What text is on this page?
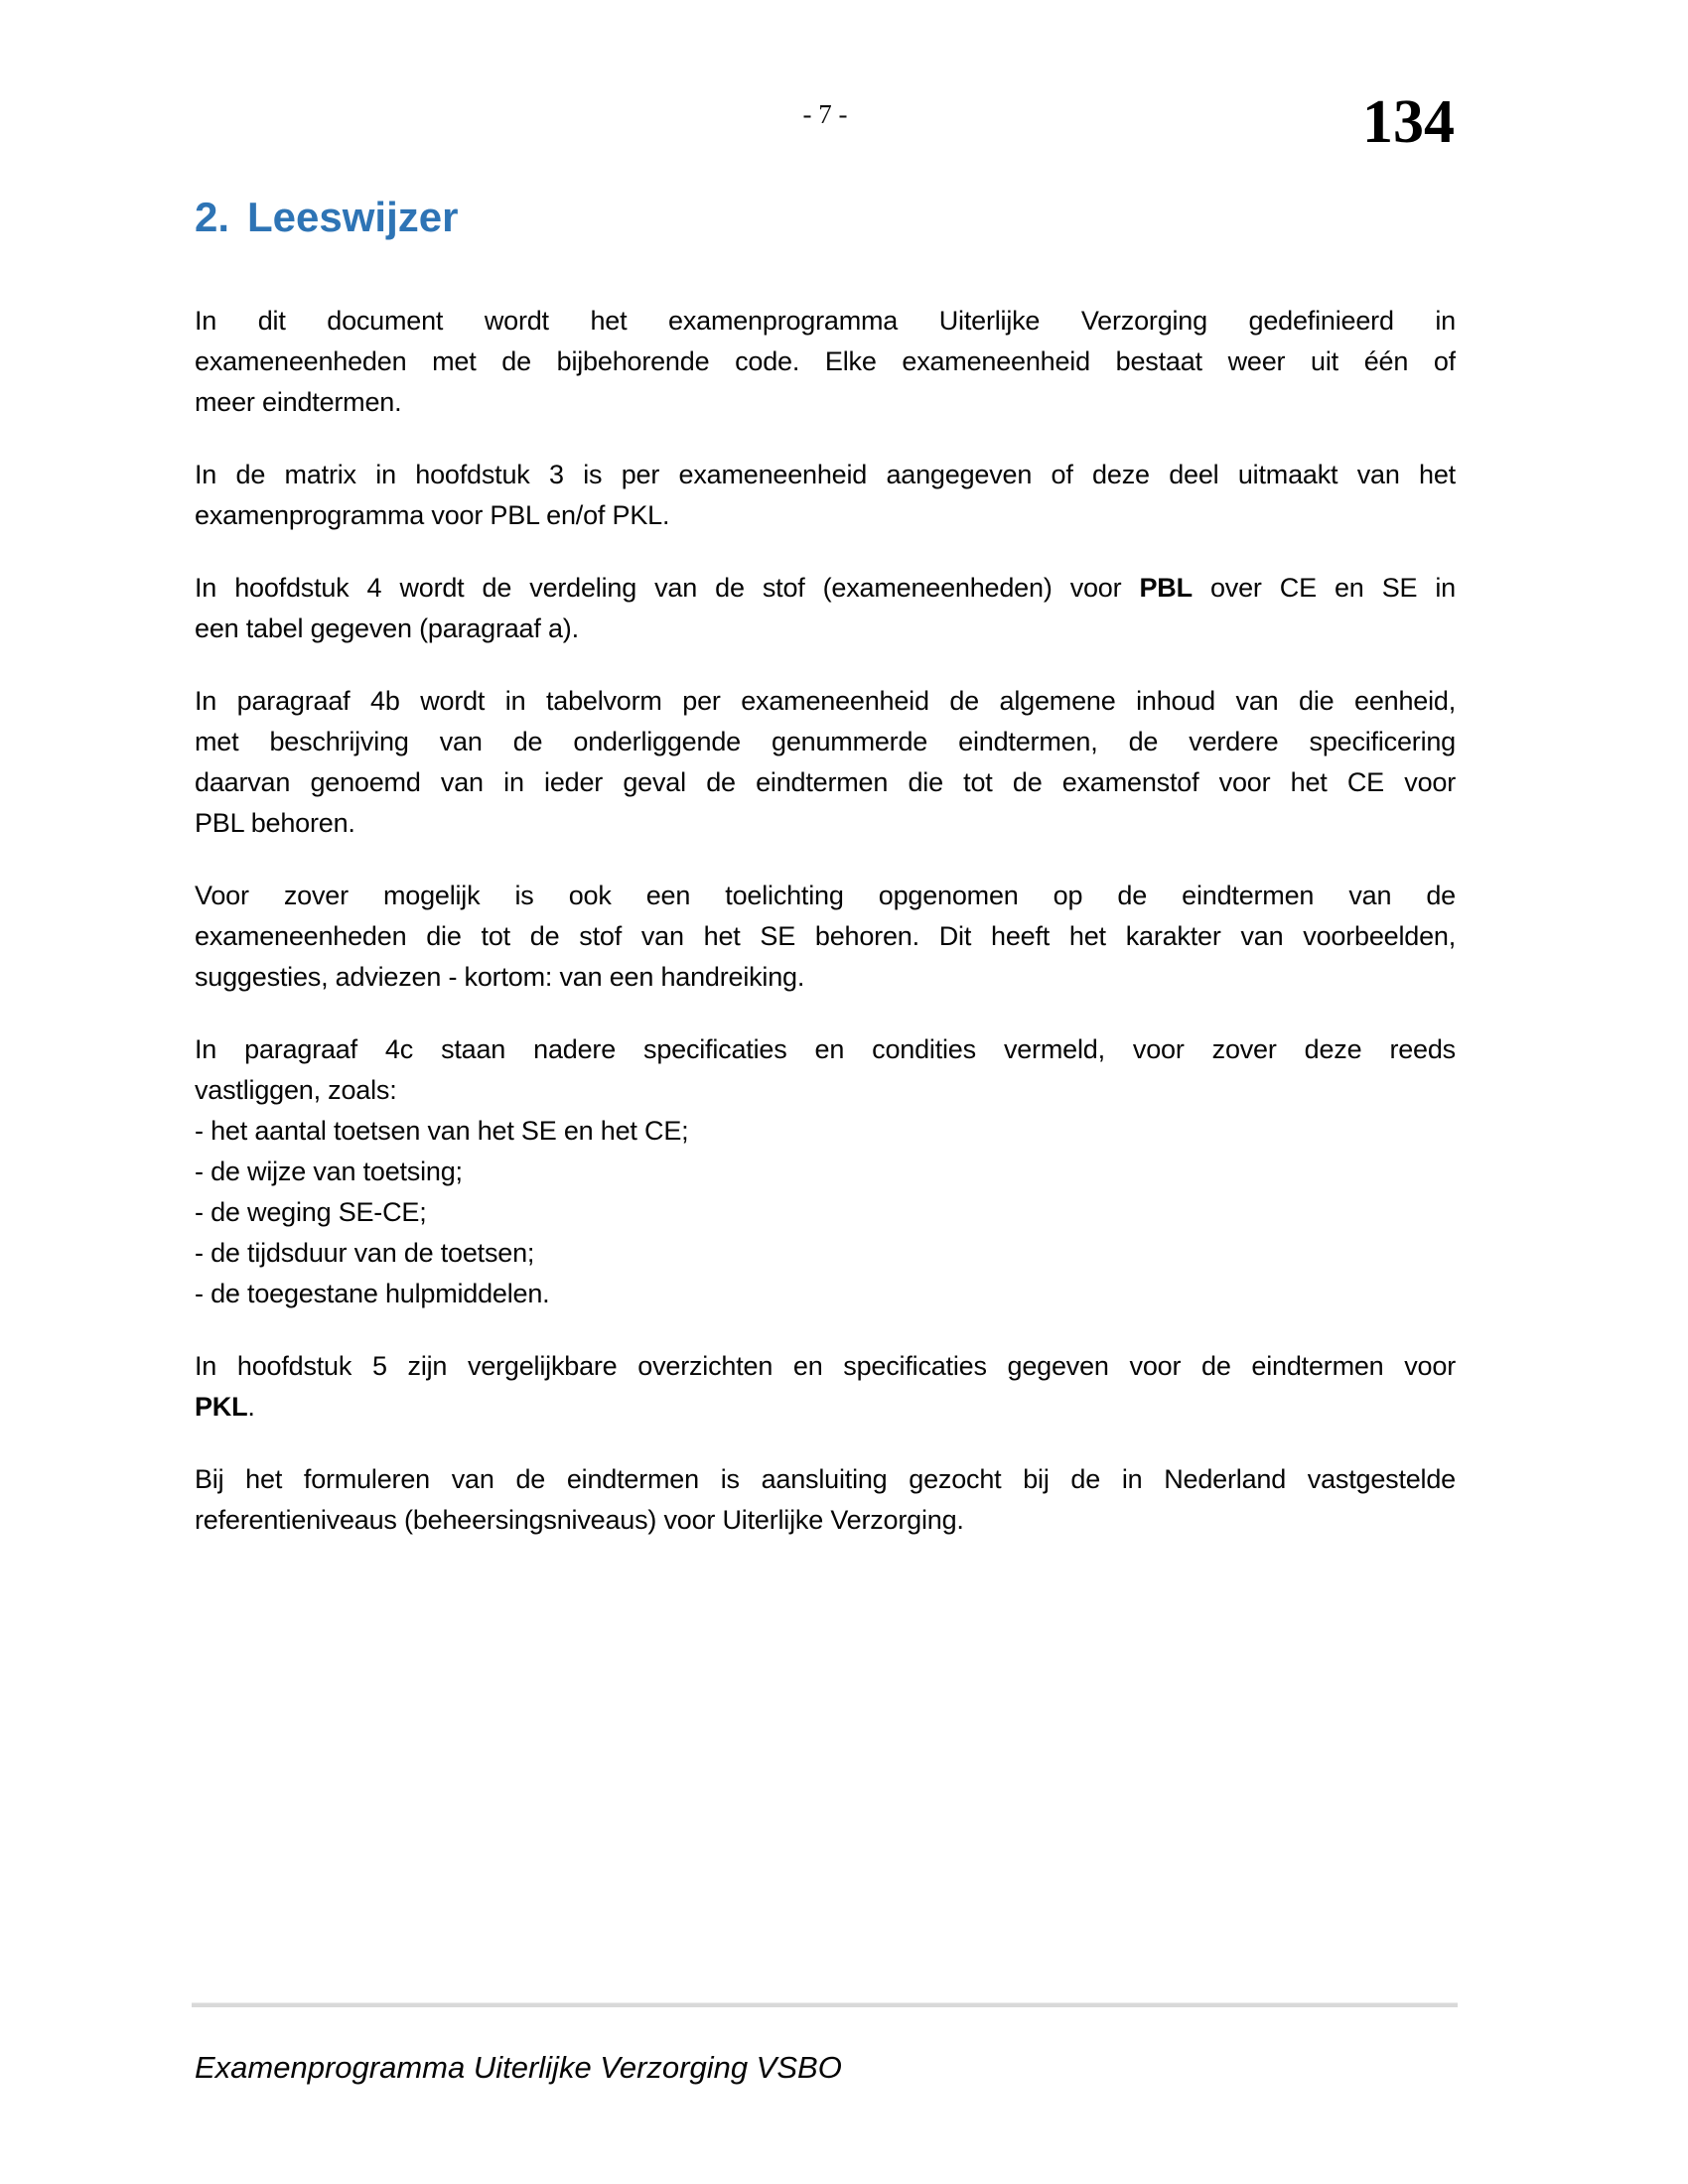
- 7 -	134
2. Leeswijzer
In dit document wordt het examenprogramma Uiterlijke Verzorging gedefinieerd in
exameneenheden met de bijbehorende code. Elke exameneenheid bestaat weer uit één of
meer eindtermen.
In de matrix in hoofdstuk 3 is per exameneenheid aangegeven of deze deel uitmaakt van het
examenprogramma voor PBL en/of PKL.
In hoofdstuk 4 wordt de verdeling van de stof (exameneenheden) voor PBL over CE en SE in
een tabel gegeven (paragraaf a).
In paragraaf 4b wordt in tabelvorm per exameneenheid de algemene inhoud van die eenheid,
met beschrijving van de onderliggende genummerde eindtermen, de verdere specificering
daarvan genoemd van in ieder geval de eindtermen die tot de examenstof voor het CE voor
PBL behoren.
Voor zover mogelijk is ook een toelichting opgenomen op de eindtermen van de
exameneenheden die tot de stof van het SE behoren. Dit heeft het karakter van voorbeelden,
suggesties, adviezen - kortom: van een handreiking.
In paragraaf 4c staan nadere specificaties en condities vermeld, voor zover deze reeds
vastliggen, zoals:
- het aantal toetsen van het SE en het CE;
- de wijze van toetsing;
- de weging SE-CE;
- de tijdsduur van de toetsen;
- de toegestane hulpmiddelen.
In hoofdstuk 5 zijn vergelijkbare overzichten en specificaties gegeven voor de eindtermen voor
PKL.
Bij het formuleren van de eindtermen is aansluiting gezocht bij de in Nederland vastgestelde
referentieniveaus (beheersingsniveaus) voor Uiterlijke Verzorging.
Examenprogramma Uiterlijke Verzorging VSBO
